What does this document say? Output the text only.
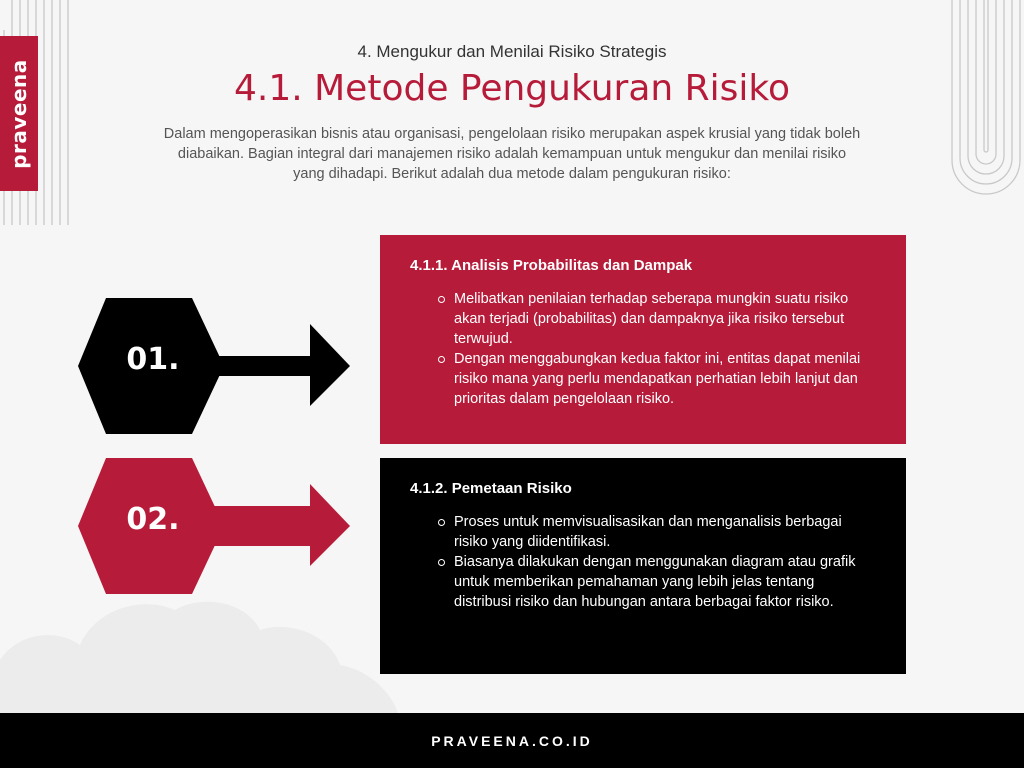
praveena
4. Mengukur dan Menilai Risiko Strategis
4.1. Metode Pengukuran Risiko

Dalam mengoperasikan bisnis atau organisasi, pengelolaan risiko merupakan aspek krusial yang tidak boleh diabaikan. Bagian integral dari manajemen risiko adalah kemampuan untuk mengukur dan menilai risiko yang dihadapi. Berikut adalah dua metode dalam pengukuran risiko:

01.
02.
4.1.1. Analisis Probabilitas dan Dampak
Melibatkan penilaian terhadap seberapa mungkin suatu risiko akan terjadi (probabilitas) dan dampaknya jika risiko tersebut terwujud.
Dengan menggabungkan kedua faktor ini, entitas dapat menilai risiko mana yang perlu mendapatkan perhatian lebih lanjut dan prioritas dalam pengelolaan risiko.
4.1.2. Pemetaan Risiko
Proses untuk memvisualisasikan dan menganalisis berbagai risiko yang diidentifikasi.
Biasanya dilakukan dengan menggunakan diagram atau grafik untuk memberikan pemahaman yang lebih jelas tentang distribusi risiko dan hubungan antara berbagai faktor risiko.
PRAVEENA.CO.ID
